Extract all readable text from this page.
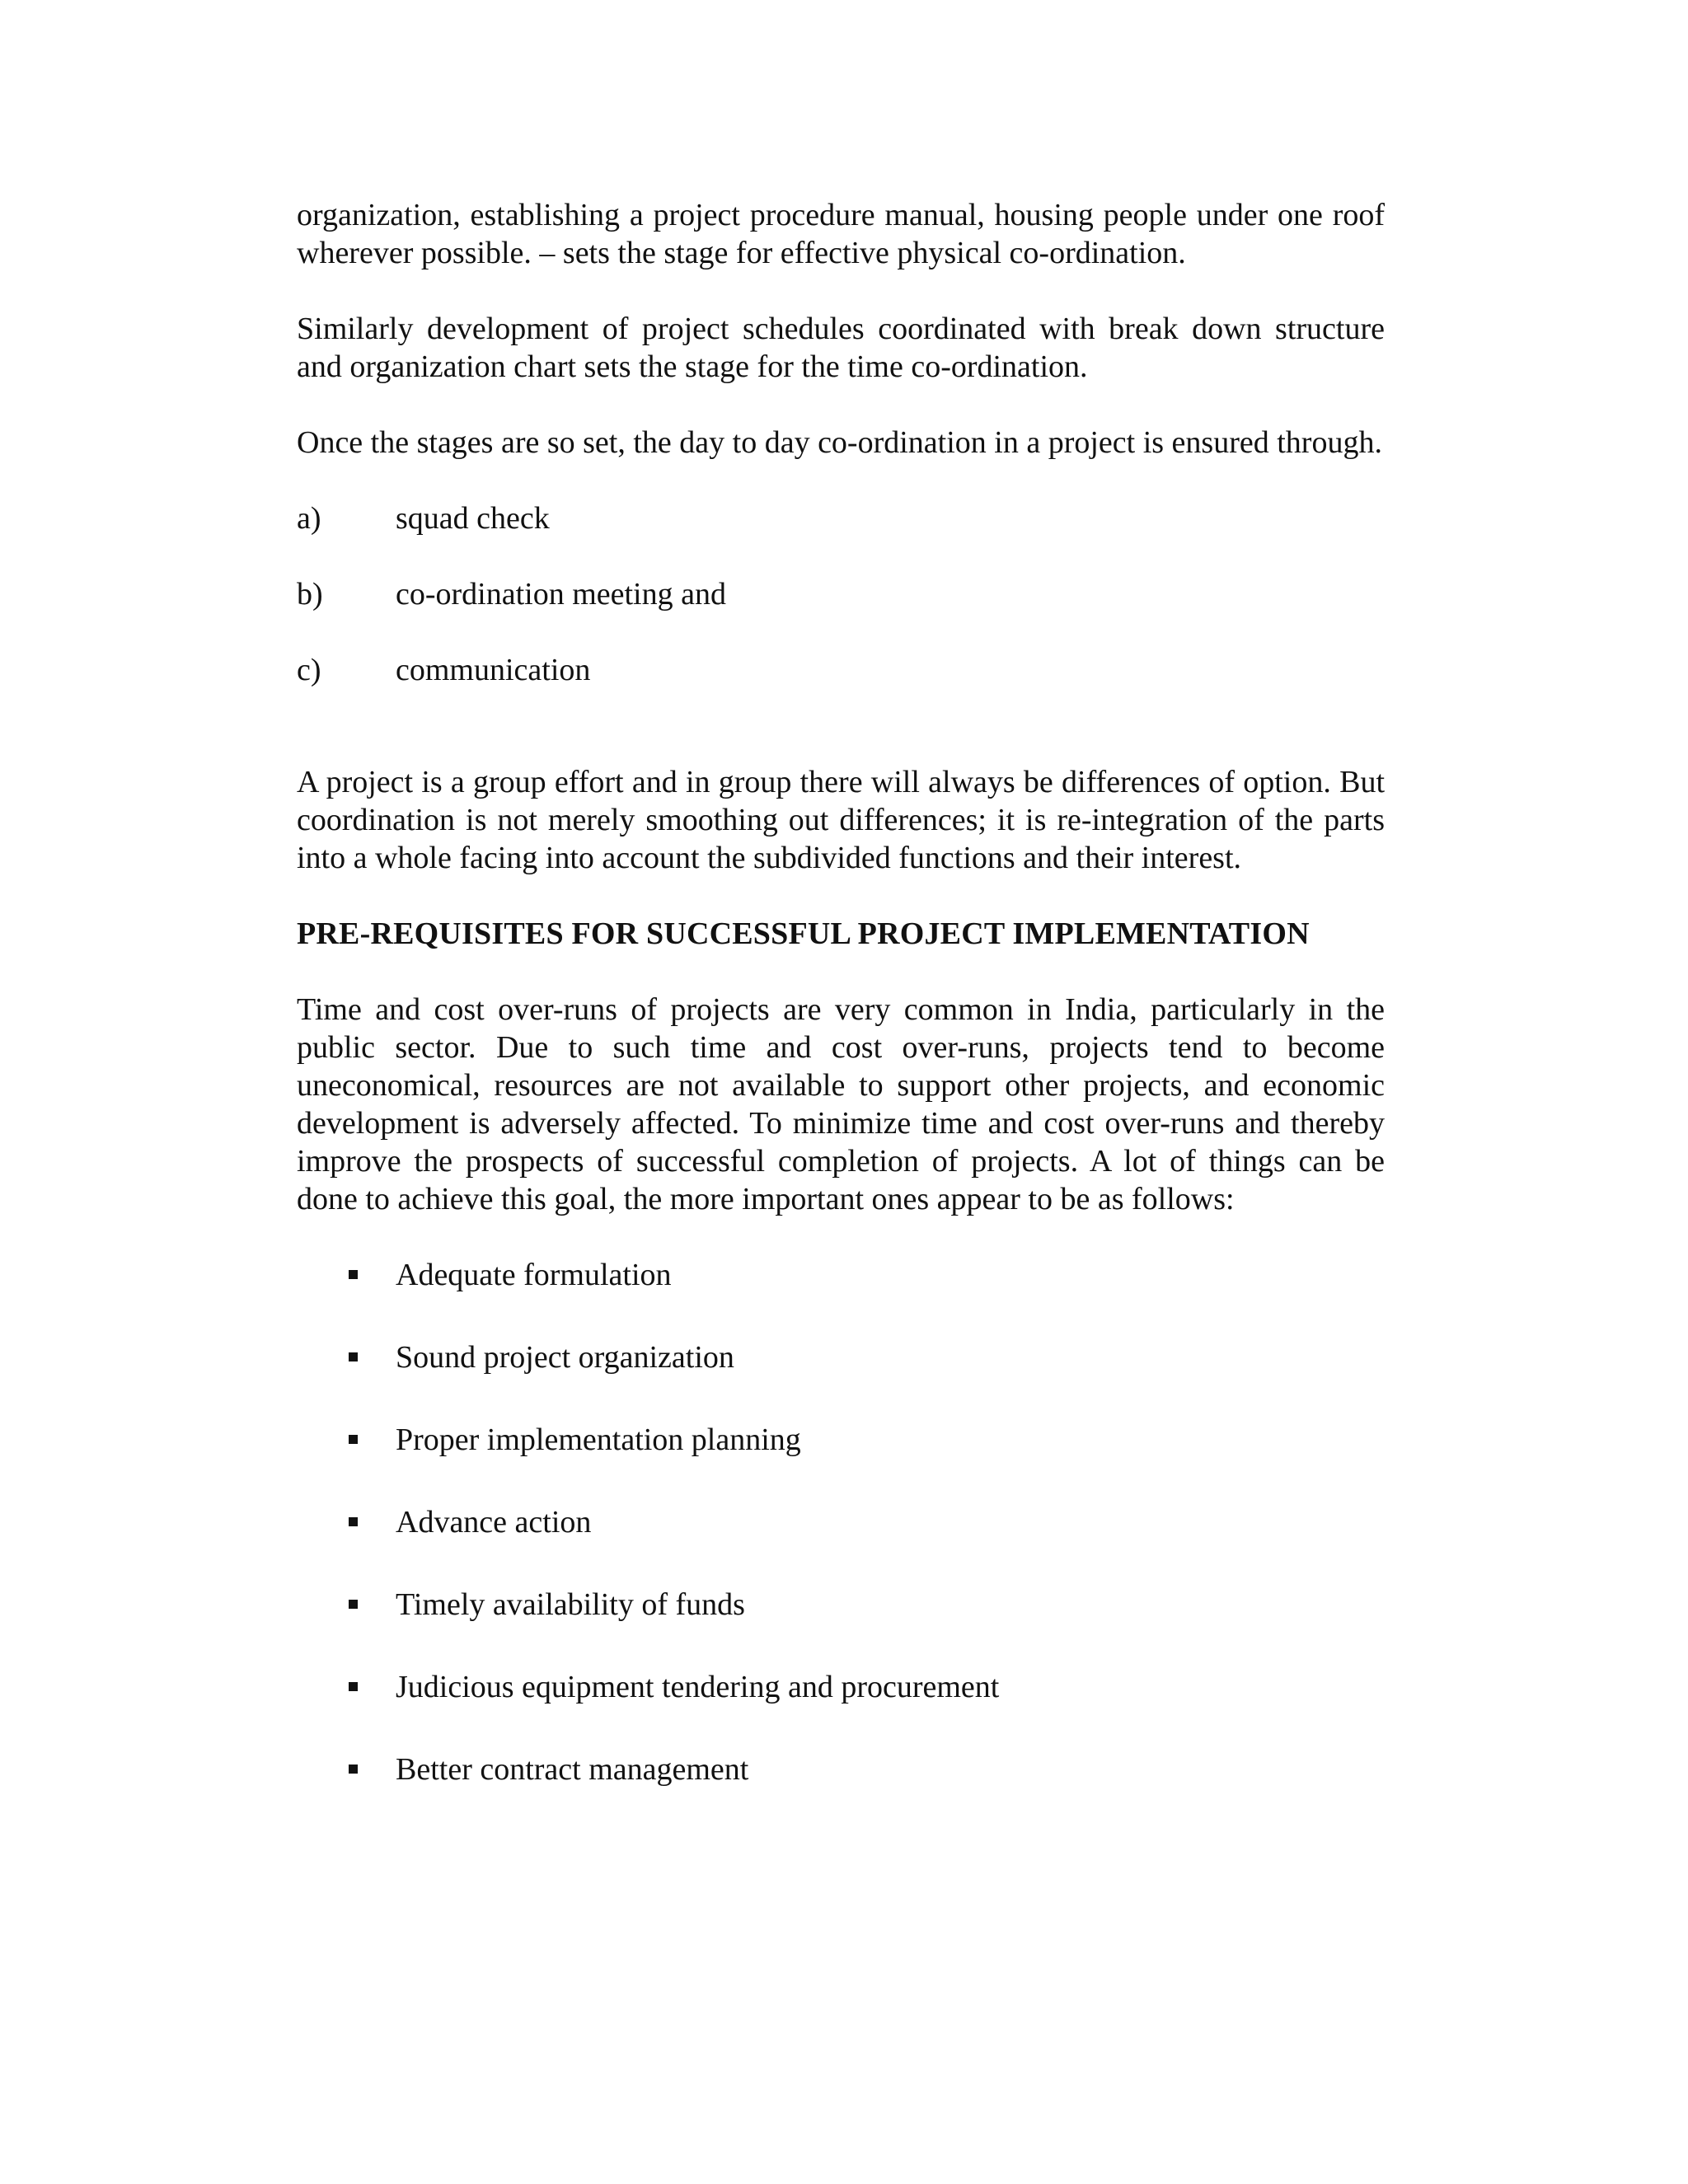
organization, establishing a project procedure manual, housing people under one roof wherever possible. – sets the stage for effective physical co-ordination.

Similarly development of project schedules coordinated with break down structure and organization chart sets the stage for the time co-ordination.

Once the stages are so set, the day to day co-ordination in a project is ensured through.

a)	squad check
b)	co-ordination meeting and
c)	communication

A project is a group effort and in group there will always be differences of option. But coordination is not merely smoothing out differences; it is re-integration of the parts into a whole facing into account the subdivided functions and their interest.

PRE-REQUISITES FOR SUCCESSFUL PROJECT IMPLEMENTATION

Time and cost over-runs of projects are very common in India, particularly in the public sector. Due to such time and cost over-runs, projects tend to become uneconomical, resources are not available to support other projects, and economic development is adversely affected. To minimize time and cost over-runs and thereby improve the prospects of successful completion of projects. A lot of things can be done to achieve this goal, the more important ones appear to be as follows:

Adequate formulation
Sound project organization
Proper implementation planning
Advance action
Timely availability of funds
Judicious equipment tendering and procurement
Better contract management
